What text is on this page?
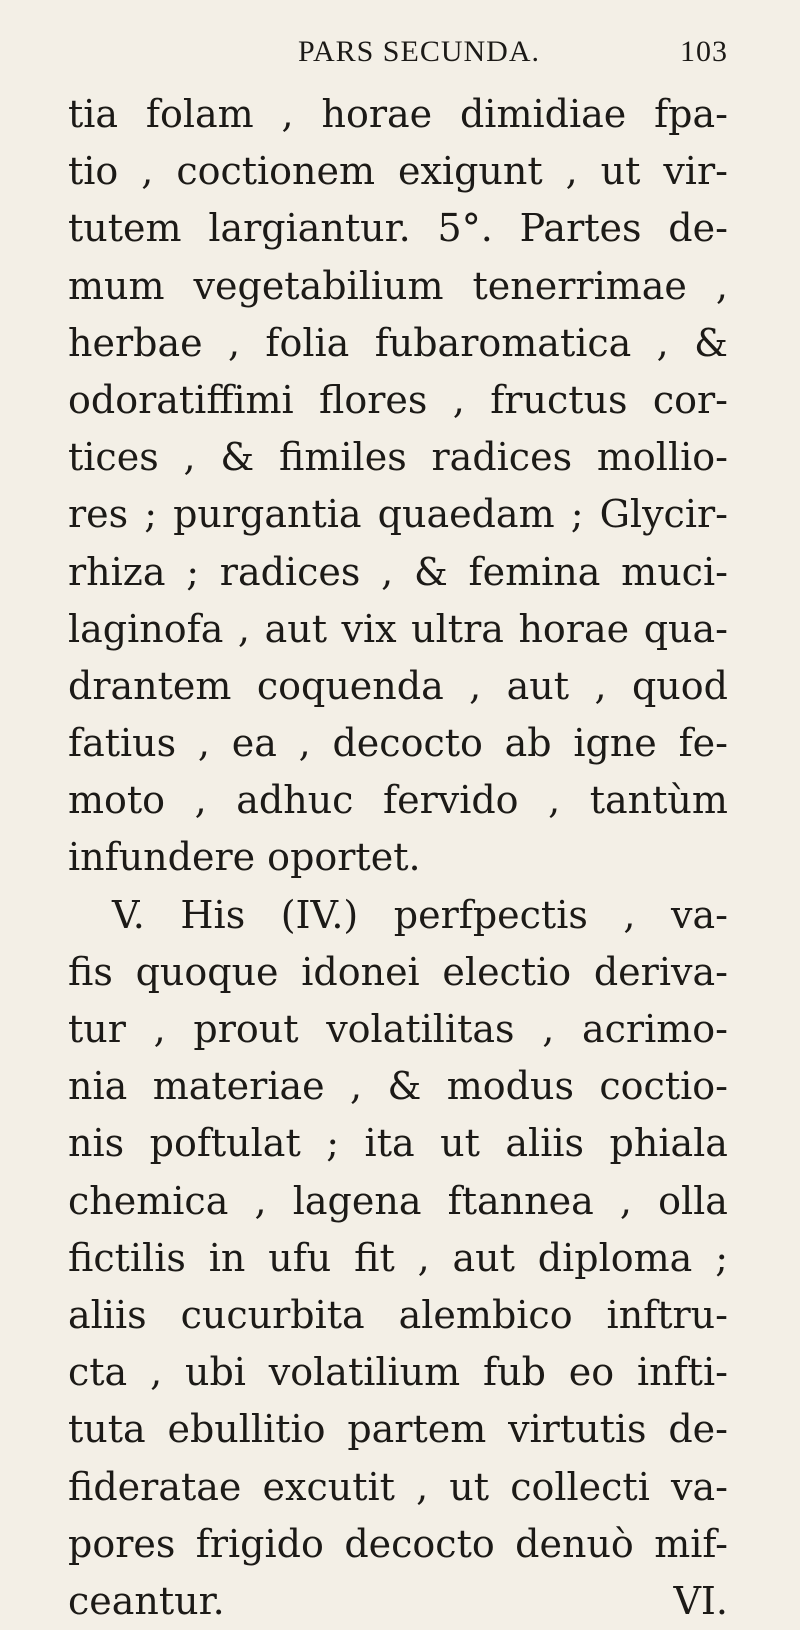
PARS SECUNDA.	103
tia folam , horae dimidiae fpa-
tio , coctionem exigunt , ut vir-
tutem largiantur. 5°. Partes de-
mum vegetabilium tenerrimae ,
herbae , folia fubaromatica , &
odoratiffimi flores , fructus cor-
tices , & fimiles radices mollio-
res ; purgantia quaedam ; Glycir-
rhiza ; radices , & femina muci-
laginofa , aut vix ultra horae qua-
drantem coquenda , aut , quod
fatius , ea , decocto ab igne fe-
moto , adhuc fervido , tantùm
infundere oportet.
V. His (IV.) perfpectis , va-
fis quoque idonei electio deriva-
tur , prout volatilitas , acrimo-
nia materiae , & modus coctio-
nis poftulat ; ita ut aliis phiala
chemica , lagena ftannea , olla
fictilis in ufu fit , aut diploma ;
aliis cucurbita alembico inftru-
cta , ubi volatilium fub eo infti-
tuta ebullitio partem virtutis de-
fideratae excutit , ut collecti va-
pores frigido decocto denuò mif-
ceantur.	VI.
